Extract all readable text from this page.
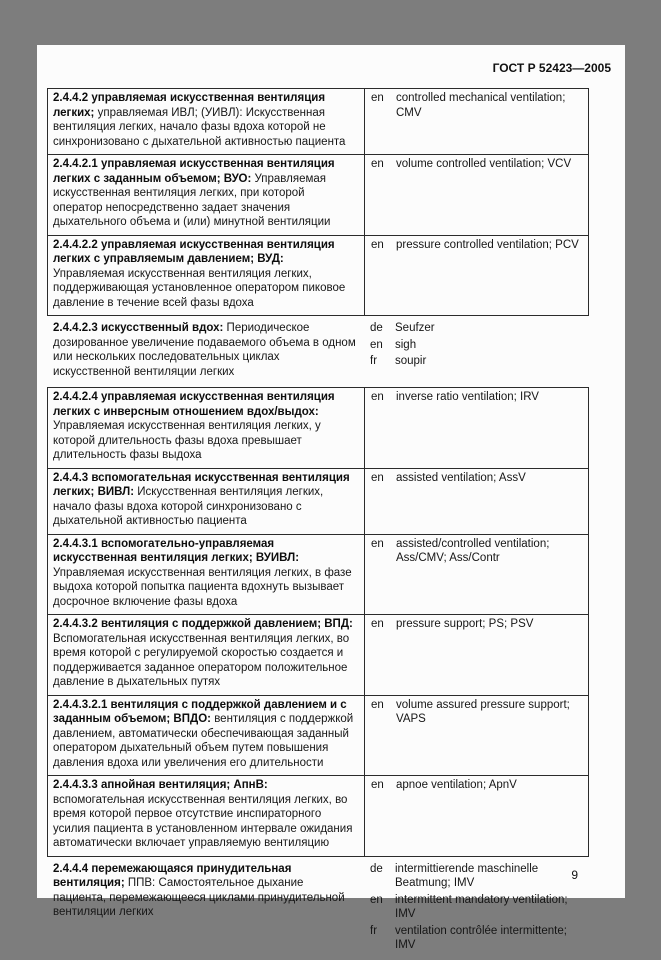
ГОСТ Р 52423—2005
2.4.4.2 управляемая искусственная вентиляция легких; управляемая ИВЛ; (УИВЛ): Искусственная вентиляция легких, начало фазы вдоха которой не синхронизовано с дыхательной активностью пациента
en	controlled mechanical ventilation; CMV
2.4.4.2.1 управляемая искусственная вентиляция легких с заданным объемом; ВУО: Управляемая искусственная вентиляция легких, при которой оператор непосредственно задает значения дыхательного объема и (или) минутной вентиляции
en	volume controlled ventilation; VCV
2.4.4.2.2 управляемая искусственная вентиляция легких с управляемым давлением; ВУД: Управляемая искусственная вентиляция легких, поддерживающая установленное оператором пиковое давление в течение всей фазы вдоха
en	pressure controlled ventilation; PCV
2.4.4.2.3 искусственный вдох: Периодическое дозированное увеличение подаваемого объема в одном или нескольких последовательных циклах искусственной вентиляции легких
de	Seufzer
en	sigh
fr	soupir
2.4.4.2.4 управляемая искусственная вентиляция легких с инверсным отношением вдох/выдох: Управляемая искусственная вентиляция легких, у которой длительность фазы вдоха превышает длительность фазы выдоха
en	inverse ratio ventilation; IRV
2.4.4.3 вспомогательная искусственная вентиляция легких; ВИВЛ: Искусственная вентиляция легких, начало фазы вдоха которой синхронизовано с дыхательной активностью пациента
en	assisted ventilation; AssV
2.4.4.3.1 вспомогательно-управляемая искусственная вентиляция легких; ВУИВЛ: Управляемая искусственная вентиляция легких, в фазе выдоха которой попытка пациента вдохнуть вызывает досрочное включение фазы вдоха
en	assisted/controlled ventilation; Ass/CMV; Ass/Contr
2.4.4.3.2 вентиляция с поддержкой давлением; ВПД: Вспомогательная искусственная вентиляция легких, во время которой с регулируемой скоростью создается и поддерживается заданное оператором положительное давление в дыхательных путях
en	pressure support; PS; PSV
2.4.4.3.2.1 вентиляция с поддержкой давлением и с заданным объемом; ВПДО: вентиляция с поддержкой давлением, автоматически обеспечивающая заданный оператором дыхательный объем путем повышения давления вдоха или увеличения его длительности
en	volume assured pressure support; VAPS
2.4.4.3.3 апнойная вентиляция; АпнВ: вспомогательная искусственная вентиляция легких, во время которой первое отсутствие инспираторного усилия пациента в установленном интервале ожидания автоматически включает управляемую вентиляцию
en	apnoe ventilation; ApnV
2.4.4.4 перемежающаяся принудительная вентиляция; ППВ: Самостоятельное дыхание пациента, перемежающееся циклами принудительной вентиляции легких
de	intermittierende maschinelle Beatmung; IMV
en	intermittent mandatory ventilation; IMV
fr	ventilation contrôlée intermittente; IMV
9
